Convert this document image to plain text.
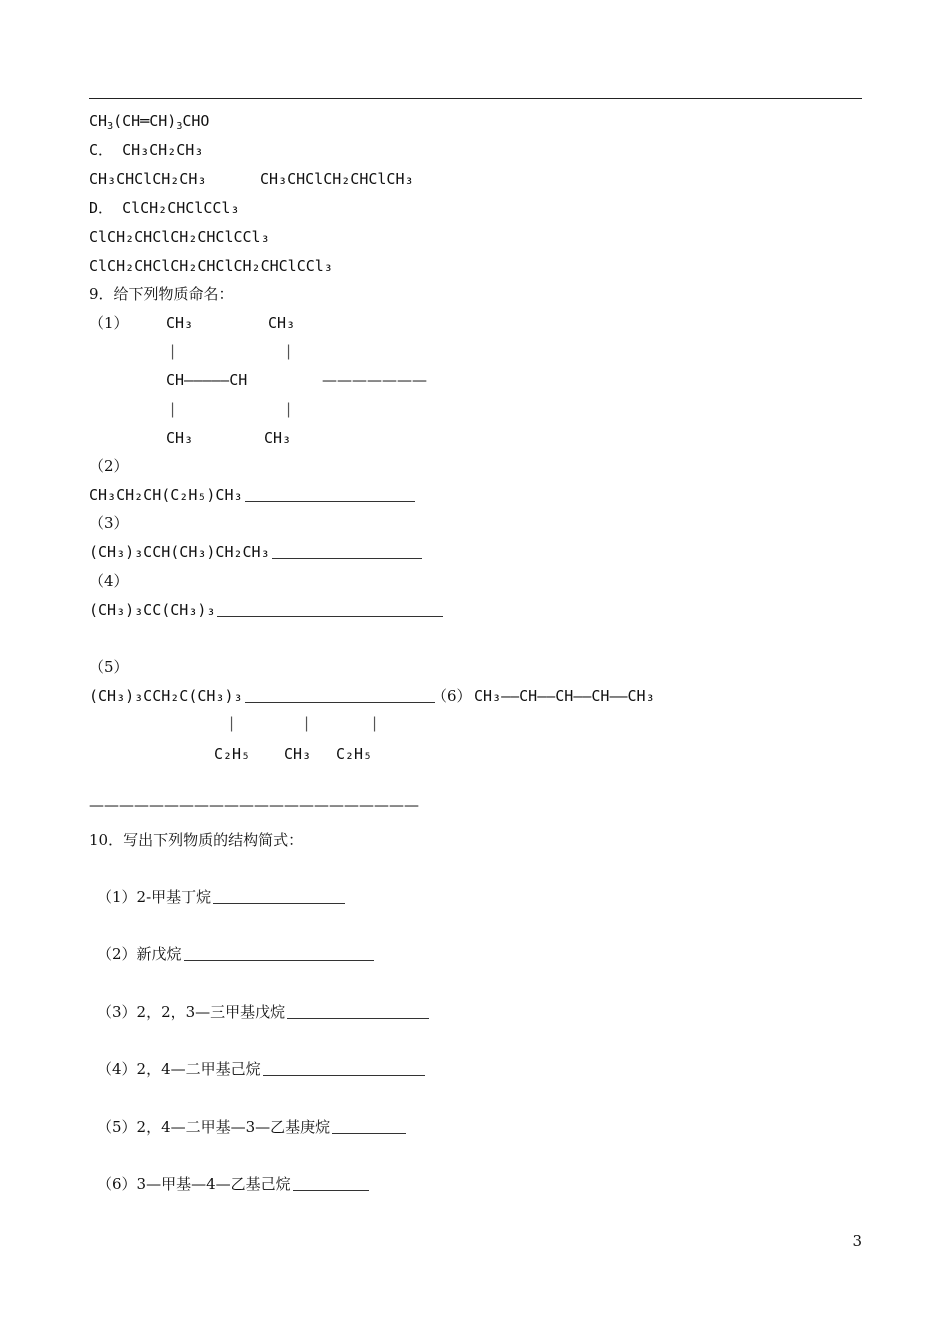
$CH_3(CH═CH)_3CHO$
C． CH₃CH₂CH₃
CH₃CHClCH₂CH₃	CH₃CHClCH₂CHClCH₃
D． ClCH₂CHClCCl₃
ClCH₂CHClCH₂CHClCCl₃
ClCH₂CHClCH₂CHClCH₂CHClCCl₃
9．给下列物质命名：
（1） CH₃	CH₃
|	|
CH—————CH	———————
|	|
CH₃	CH₃
（2）
CH₃CH₂CH(C₂H₅)CH₃
（3）
(CH₃)₃CCH(CH₃)CH₂CH₃
（4）
(CH₃)₃CC(CH₃)₃
（5）
(CH₃)₃CCH₂C(CH₃)₃	（6） CH₃——CH——CH——CH——CH₃
|	|	|
C₂H₅ CH₃ C₂H₅
——————————————————————
10．写出下列物质的结构简式：
（1）2-甲基丁烷
（2）新戊烷
（3）2，2，3—三甲基戊烷
（4）2，4—二甲基己烷
（5）2，4—二甲基—3—乙基庚烷
（6）3—甲基—4—乙基己烷
3
